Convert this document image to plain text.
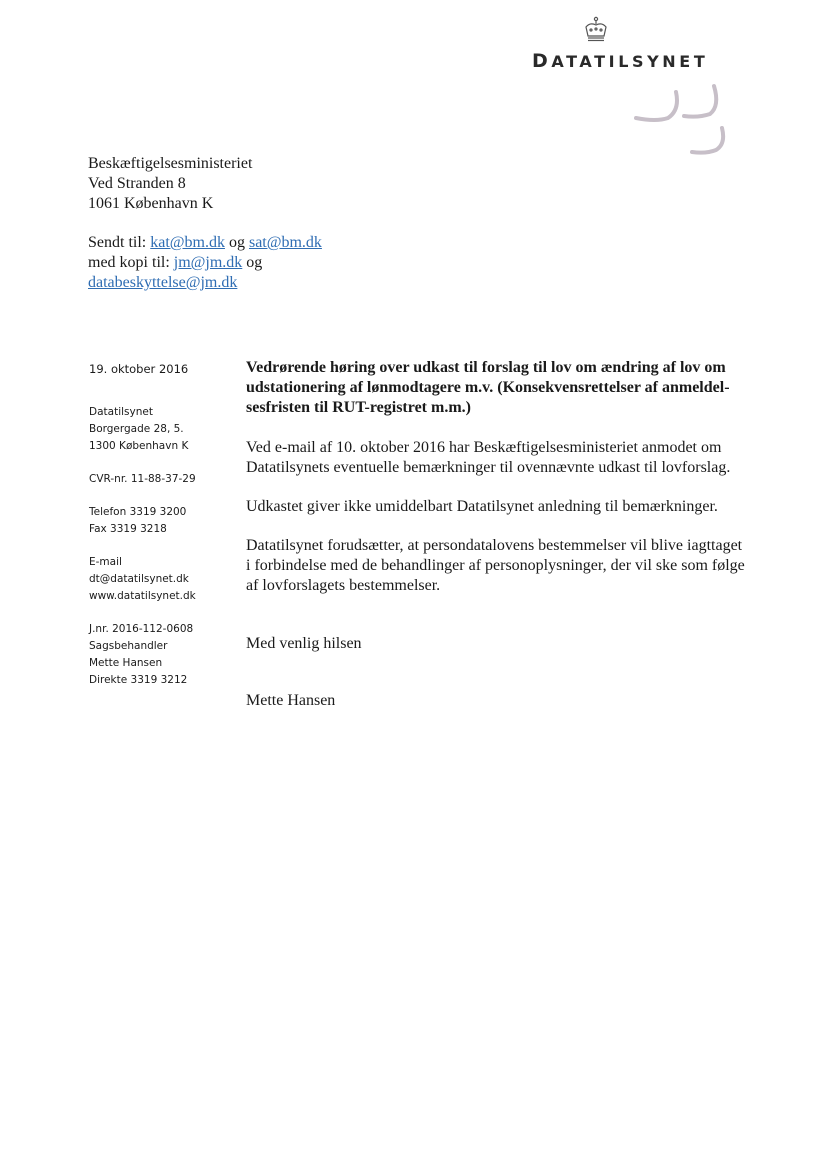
DATATILSYNET
Beskæftigelsesministeriet
Ved Stranden 8
1061 København K
Sendt til: kat@bm.dk og sat@bm.dk
med kopi til: jm@jm.dk og
databeskyttelse@jm.dk
19. oktober 2016
Datatilsynet
Borgergade 28, 5.
1300 København K
CVR-nr. 11-88-37-29
Telefon 3319 3200
Fax 3319 3218
E-mail
dt@datatilsynet.dk
www.datatilsynet.dk
J.nr. 2016-112-0608
Sagsbehandler
Mette Hansen
Direkte 3319 3212
Vedrørende høring over udkast til forslag til lov om ændring af lov om
udstationering af lønmodtagere m.v. (Konsekvensrettelser af anmeldel-
sesfristen til RUT-registret m.m.)
Ved e-mail af 10. oktober 2016 har Beskæftigelsesministeriet anmodet om
Datatilsynets eventuelle bemærkninger til ovennævnte udkast til lovforslag.
Udkastet giver ikke umiddelbart Datatilsynet anledning til bemærkninger.
Datatilsynet forudsætter, at persondatalovens bestemmelser vil blive iagttaget
i forbindelse med de behandlinger af personoplysninger, der vil ske som følge
af lovforslagets bestemmelser.
Med venlig hilsen
Mette Hansen
